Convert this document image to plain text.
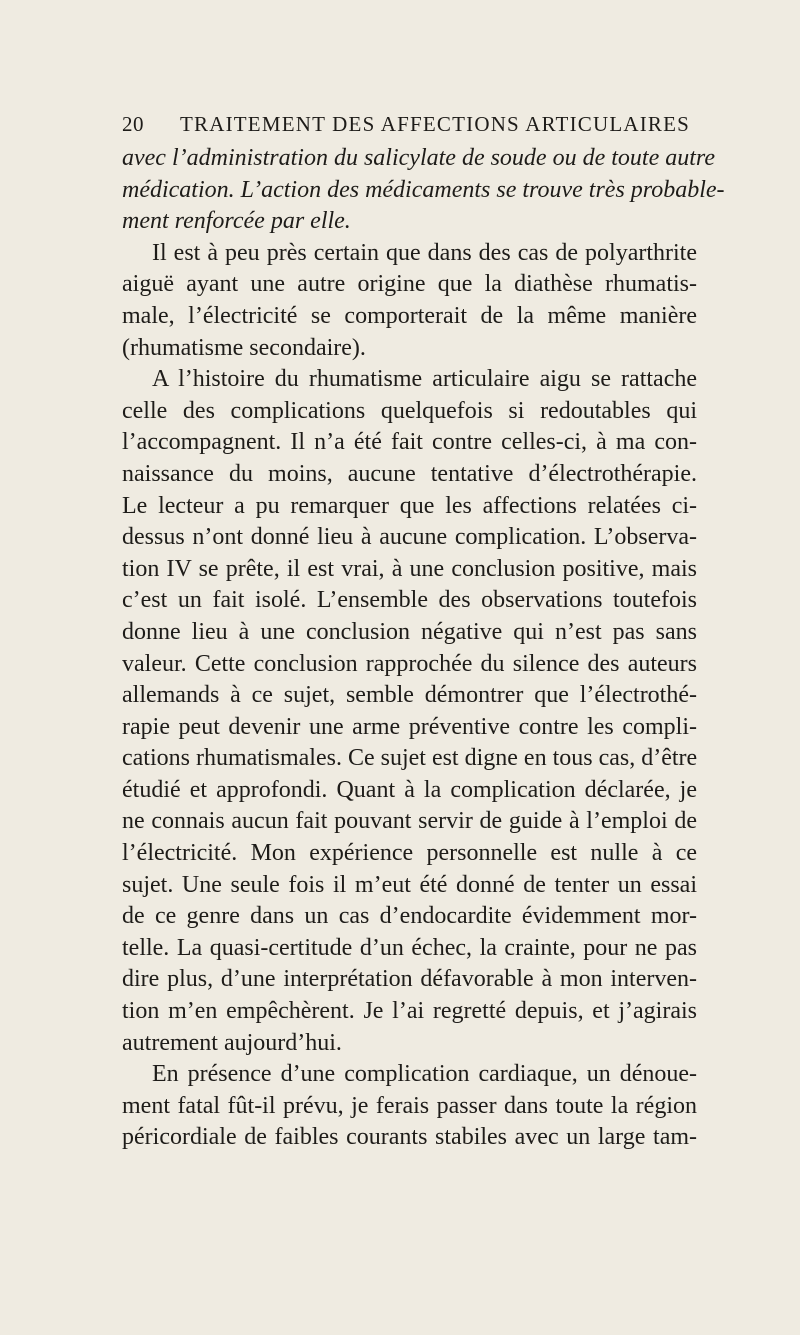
20 TRAITEMENT DES AFFECTIONS ARTICULAIRES
avec l’administration du salicylate de soude ou de toute autre
médication. L’action des médicaments se trouve très probable-
ment renforcée par elle.
Il est à peu près certain que dans des cas de polyarthrite
aiguë ayant une autre origine que la diathèse rhumatis-
male, l’électricité se comporterait de la même manière
(rhumatisme secondaire).
A l’histoire du rhumatisme articulaire aigu se rattache
celle des complications quelquefois si redoutables qui
l’accompagnent. Il n’a été fait contre celles-ci, à ma con-
naissance du moins, aucune tentative d’électrothérapie.
Le lecteur a pu remarquer que les affections relatées ci-
dessus n’ont donné lieu à aucune complication. L’observa-
tion IV se prête, il est vrai, à une conclusion positive, mais
c’est un fait isolé. L’ensemble des observations toutefois
donne lieu à une conclusion négative qui n’est pas sans
valeur. Cette conclusion rapprochée du silence des auteurs
allemands à ce sujet, semble démontrer que l’électrothé-
rapie peut devenir une arme préventive contre les compli-
cations rhumatismales. Ce sujet est digne en tous cas, d’être
étudié et approfondi. Quant à la complication déclarée, je
ne connais aucun fait pouvant servir de guide à l’emploi de
l’électricité. Mon expérience personnelle est nulle à ce
sujet. Une seule fois il m’eut été donné de tenter un essai
de ce genre dans un cas d’endocardite évidemment mor-
telle. La quasi-certitude d’un échec, la crainte, pour ne pas
dire plus, d’une interprétation défavorable à mon interven-
tion m’en empêchèrent. Je l’ai regretté depuis, et j’agirais
autrement aujourd’hui.
En présence d’une complication cardiaque, un dénoue-
ment fatal fût-il prévu, je ferais passer dans toute la région
péricordiale de faibles courants stabiles avec un large tam-
